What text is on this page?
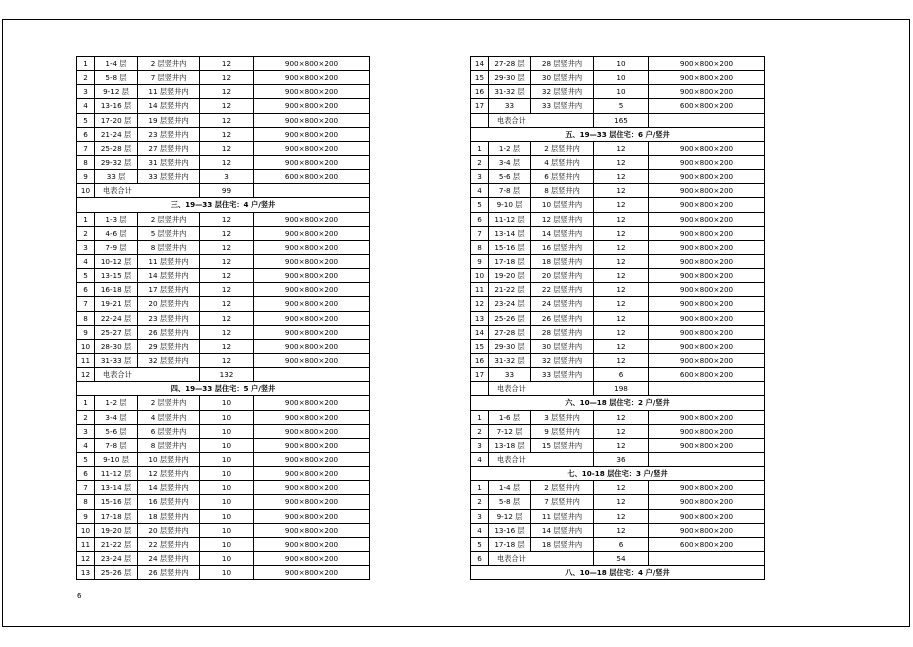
1	1-4 层	2 层竖井内	12	900×800×200
2	5-8 层	7 层竖井内	12	900×800×200
3	9-12 层	11 层竖井内	12	900×800×200
4	13-16 层	14 层竖井内	12	900×800×200
5	17-20 层	19 层竖井内	12	900×800×200
6	21-24 层	23 层竖井内	12	900×800×200
7	25-28 层	27 层竖井内	12	900×800×200
8	29-32 层	31 层竖井内	12	900×800×200
9	33 层	33 层竖井内	3	600×800×200
10	电表合计		99	
三、19—33 层住宅：4 户/竖井				
1	1-3 层	2 层竖井内	12	900×800×200
2	4-6 层	5 层竖井内	12	900×800×200
3	7-9 层	8 层竖井内	12	900×800×200
4	10-12 层	11 层竖井内	12	900×800×200
5	13-15 层	14 层竖井内	12	900×800×200
6	16-18 层	17 层竖井内	12	900×800×200
7	19-21 层	20 层竖井内	12	900×800×200
8	22-24 层	23 层竖井内	12	900×800×200
9	25-27 层	26 层竖井内	12	900×800×200
10	28-30 层	29 层竖井内	12	900×800×200
11	31-33 层	32 层竖井内	12	900×800×200
12	电表合计		132	
四、19—33 层住宅：5 户/竖井				
1	1-2 层	2 层竖井内	10	900×800×200
2	3-4 层	4 层竖井内	10	900×800×200
3	5-6 层	6 层竖井内	10	900×800×200
4	7-8 层	8 层竖井内	10	900×800×200
5	9-10 层	10 层竖井内	10	900×800×200
6	11-12 层	12 层竖井内	10	900×800×200
7	13-14 层	14 层竖井内	10	900×800×200
8	15-16 层	16 层竖井内	10	900×800×200
9	17-18 层	18 层竖井内	10	900×800×200
10	19-20 层	20 层竖井内	10	900×800×200
11	21-22 层	22 层竖井内	10	900×800×200
12	23-24 层	24 层竖井内	10	900×800×200
13	25-26 层	26 层竖井内	10	900×800×200
14	27-28 层	28 层竖井内	10	900×800×200
15	29-30 层	30 层竖井内	10	900×800×200
16	31-32 层	32 层竖井内	10	900×800×200
17	33	33 层竖井内	5	600×800×200
	电表合计		165	
五、19—33 层住宅：6 户/竖井				
1	1-2 层	2 层竖井内	12	900×800×200
2	3-4 层	4 层竖井内	12	900×800×200
3	5-6 层	6 层竖井内	12	900×800×200
4	7-8 层	8 层竖井内	12	900×800×200
5	9-10 层	10 层竖井内	12	900×800×200
6	11-12 层	12 层竖井内	12	900×800×200
7	13-14 层	14 层竖井内	12	900×800×200
8	15-16 层	16 层竖井内	12	900×800×200
9	17-18 层	18 层竖井内	12	900×800×200
10	19-20 层	20 层竖井内	12	900×800×200
11	21-22 层	22 层竖井内	12	900×800×200
12	23-24 层	24 层竖井内	12	900×800×200
13	25-26 层	26 层竖井内	12	900×800×200
14	27-28 层	28 层竖井内	12	900×800×200
15	29-30 层	30 层竖井内	12	900×800×200
16	31-32 层	32 层竖井内	12	900×800×200
17	33	33 层竖井内	6	600×800×200
	电表合计		198	
六、10—18 层住宅：2 户/竖井				
1	1-6 层	3 层竖井内	12	900×800×200
2	7-12 层	9 层竖井内	12	900×800×200
3	13-18 层	15 层竖井内	12	900×800×200
4	电表合计		36	
七、10-18 层住宅：3 户/竖井				
1	1-4 层	2 层竖井内	12	900×800×200
2	5-8 层	7 层竖井内	12	900×800×200
3	9-12 层	11 层竖井内	12	900×800×200
4	13-16 层	14 层竖井内	12	900×800×200
5	17-18 层	18 层竖井内	6	600×800×200
6	电表合计		54	
八、10—18 层住宅：4 户/竖井				
6
